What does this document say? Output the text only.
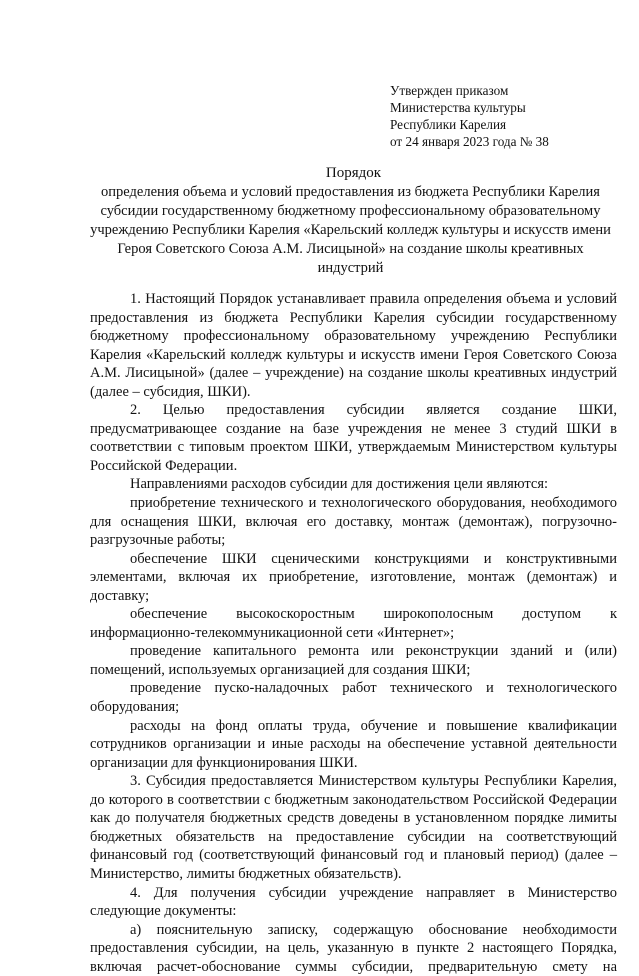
Утвержден приказом
Министерства культуры
Республики Карелия
от 24 января 2023 года № 38
Порядок
определения объема и условий предоставления из бюджета Республики Карелия
субсидии государственному бюджетному профессиональному образовательному
учреждению Республики Карелия «Карельский колледж культуры и искусств имени
Героя Советского Союза А.М. Лисицыной» на создание школы креативных
индустрий
1. Настоящий Порядок устанавливает правила определения объема и условий
предоставления из бюджета Республики Карелия субсидии государственному
бюджетному профессиональному образовательному учреждению Республики
Карелия «Карельский колледж культуры и искусств имени Героя Советского Союза
А.М. Лисицыной» (далее – учреждение) на создание школы креативных индустрий
(далее – субсидия, ШКИ).
2. Целью предоставления субсидии является создание ШКИ,
предусматривающее создание на базе учреждения не менее 3 студий ШКИ в
соответствии с типовым проектом ШКИ, утверждаемым Министерством культуры
Российской Федерации.
Направлениями расходов субсидии для достижения цели являются:
приобретение технического и технологического оборудования, необходимого
для оснащения ШКИ, включая его доставку, монтаж (демонтаж), погрузочно-
разгрузочные работы;
обеспечение ШКИ сценическими конструкциями и конструктивными
элементами, включая их приобретение, изготовление, монтаж (демонтаж) и
доставку;
обеспечение высокоскоростным широкополосным доступом к
информационно-телекоммуникационной сети «Интернет»;
проведение капитального ремонта или реконструкции зданий и (или)
помещений, используемых организацией для создания ШКИ;
проведение пуско-наладочных работ технического и технологического
оборудования;
расходы на фонд оплаты труда, обучение и повышение квалификации
сотрудников организации и иные расходы на обеспечение уставной деятельности
организации для функционирования ШКИ.
3. Субсидия предоставляется Министерством культуры Республики Карелия,
до которого в соответствии с бюджетным законодательством Российской Федерации
как до получателя бюджетных средств доведены в установленном порядке лимиты
бюджетных обязательств на предоставление субсидии на соответствующий
финансовый год (соответствующий финансовый год и плановый период) (далее –
Министерство, лимиты бюджетных обязательств).
4. Для получения субсидии учреждение направляет в Министерство
следующие документы:
а) пояснительную записку, содержащую обоснование необходимости
предоставления субсидии, на цель, указанную в пункте 2 настоящего Порядка,
включая расчет-обоснование суммы субсидии, предварительную смету на
